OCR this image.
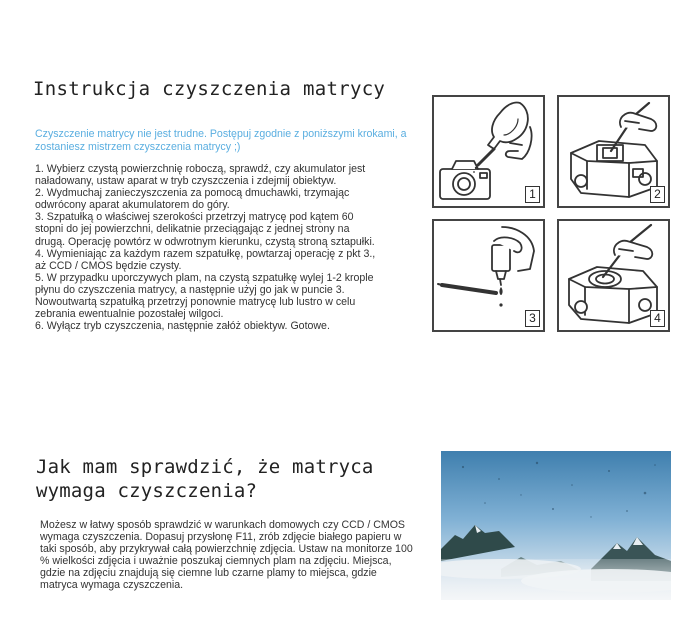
Instrukcja czyszczenia matrycy
Czyszczenie matrycy nie jest trudne. Postępuj zgodnie z poniższymi krokami, a zostaniesz mistrzem czyszczenia matrycy ;)

1. Wybierz czystą powierzchnię roboczą, sprawdź, czy akumulator jest naładowany, ustaw aparat w tryb czyszczenia i zdejmij obiektyw.

2. Wydmuchaj zanieczyszczenia za pomocą dmuchawki, trzymając odwrócony aparat akumulatorem do góry.

3. Szpatułką o właściwej szerokości przetrzyj matrycę pod kątem 60 stopni do jej powierzchni, delikatnie przeciągając z jednej strony na drugą. Operację powtórz w odwrotnym kierunku, czystą stroną sztapułki.

4. Wymieniając za każdym razem szpatułkę, powtarzaj operację z pkt 3., aż CCD / CMOS będzie czysty.

5. W przypadku uporczywych plam, na czystą szpatułkę wylej 1-2 krople płynu do czyszczenia matrycy, a następnie użyj go jak w puncie 3. Nowoutwartą szpatułką przetrzyj ponownie matrycę lub lustro w celu zebrania ewentualnie pozostałej wilgoci.

6. Wyłącz tryb czyszczenia, następnie załóż obiektyw. Gotowe.

1	2
3	4
Jak mam sprawdzić, że matryca wymaga czyszczenia?
Możesz w łatwy sposób sprawdzić w warunkach domowych czy CCD / CMOS wymaga czyszczenia. Dopasuj przysłonę F11, zrób zdjęcie białego papieru w taki sposób, aby przykrywał całą powierzchnię zdjęcia. Ustaw na monitorze 100 % wielkości zdjęcia i uważnie poszukaj ciemnych plam na zdjęciu. Miejsca, gdzie na zdjęciu znajdują się ciemne lub czarne plamy to miejsca, gdzie matryca wymaga czyszczenia.
